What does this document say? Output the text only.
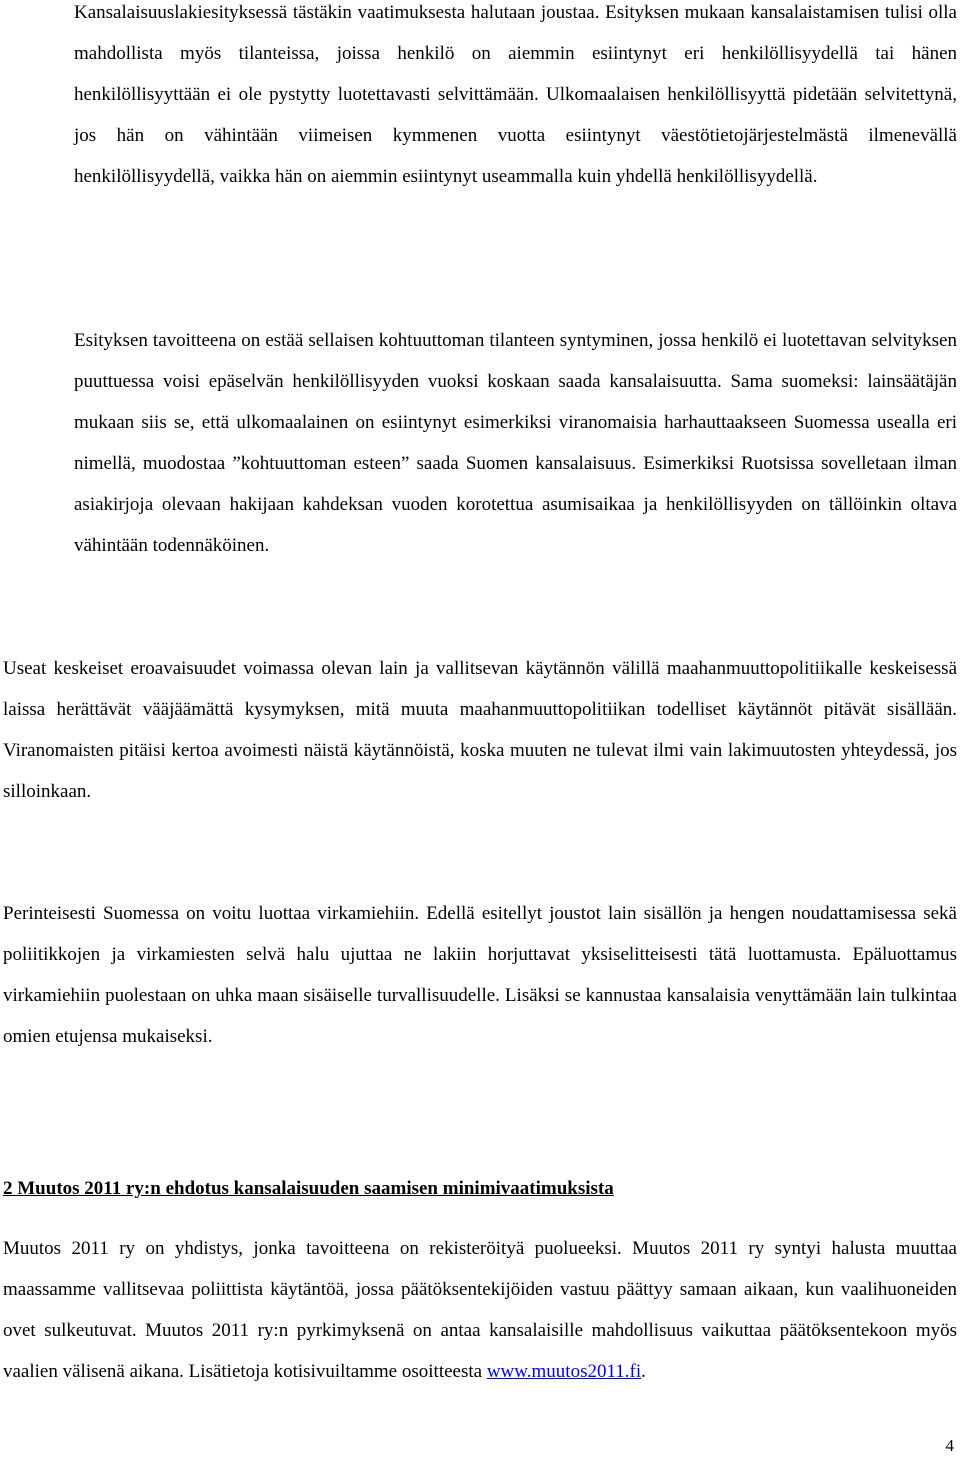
Kansalaisuuslakiesityksessä tästäkin vaatimuksesta halutaan joustaa. Esityksen mukaan kansalaistamisen tulisi olla mahdollista myös tilanteissa, joissa henkilö on aiemmin esiintynyt eri henkilöllisyydellä tai hänen henkilöllisyyttään ei ole pystytty luotettavasti selvittämään. Ulkomaalaisen henkilöllisyyttä pidetään selvitettynä, jos hän on vähintään viimeisen kymmenen vuotta esiintynyt väestötietojärjestelmästä ilmenevällä henkilöllisyydellä, vaikka hän on aiemmin esiintynyt useammalla kuin yhdellä henkilöllisyydellä.

Esityksen tavoitteena on estää sellaisen kohtuuttoman tilanteen syntyminen, jossa henkilö ei luotettavan selvityksen puuttuessa voisi epäselvän henkilöllisyyden vuoksi koskaan saada kansalaisuutta. Sama suomeksi: lainsäätäjän mukaan siis se, että ulkomaalainen on esiintynyt esimerkiksi viranomaisia harhauttaakseen Suomessa usealla eri nimellä, muodostaa ”kohtuuttoman esteen” saada Suomen kansalaisuus. Esimerkiksi Ruotsissa sovelletaan ilman asiakirjoja olevaan hakijaan kahdeksan vuoden korotettua asumisaikaa ja henkilöllisyyden on tällöinkin oltava vähintään todennäköinen.

Useat keskeiset eroavaisuudet voimassa olevan lain ja vallitsevan käytännön välillä maahanmuuttopolitiikalle keskeisessä laissa herättävät vääjäämättä kysymyksen, mitä muuta maahanmuuttopolitiikan todelliset käytännöt pitävät sisällään. Viranomaisten pitäisi kertoa avoimesti näistä käytännöistä, koska muuten ne tulevat ilmi vain lakimuutosten yhteydessä, jos silloinkaan.

Perinteisesti Suomessa on voitu luottaa virkamiehiin. Edellä esitellyt joustot lain sisällön ja hengen noudattamisessa sekä poliitikkojen ja virkamiesten selvä halu ujuttaa ne lakiin horjuttavat yksiselitteisesti tätä luottamusta. Epäluottamus virkamiehiin puolestaan on uhka maan sisäiselle turvallisuudelle. Lisäksi se kannustaa kansalaisia venyttämään lain tulkintaa omien etujensa mukaiseksi.

2 Muutos 2011 ry:n ehdotus kansalaisuuden saamisen minimivaatimuksista

Muutos 2011 ry on yhdistys, jonka tavoitteena on rekisteröityä puolueeksi. Muutos 2011 ry syntyi halusta muuttaa maassamme vallitsevaa poliittista käytäntöä, jossa päätöksentekijöiden vastuu päättyy samaan aikaan, kun vaalihuoneiden ovet sulkeutuvat. Muutos 2011 ry:n pyrkimyksenä on antaa kansalaisille mahdollisuus vaikuttaa päätöksentekoon myös vaalien välisenä aikana. Lisätietoja kotisivuiltamme osoitteesta www.muutos2011.fi.

4
